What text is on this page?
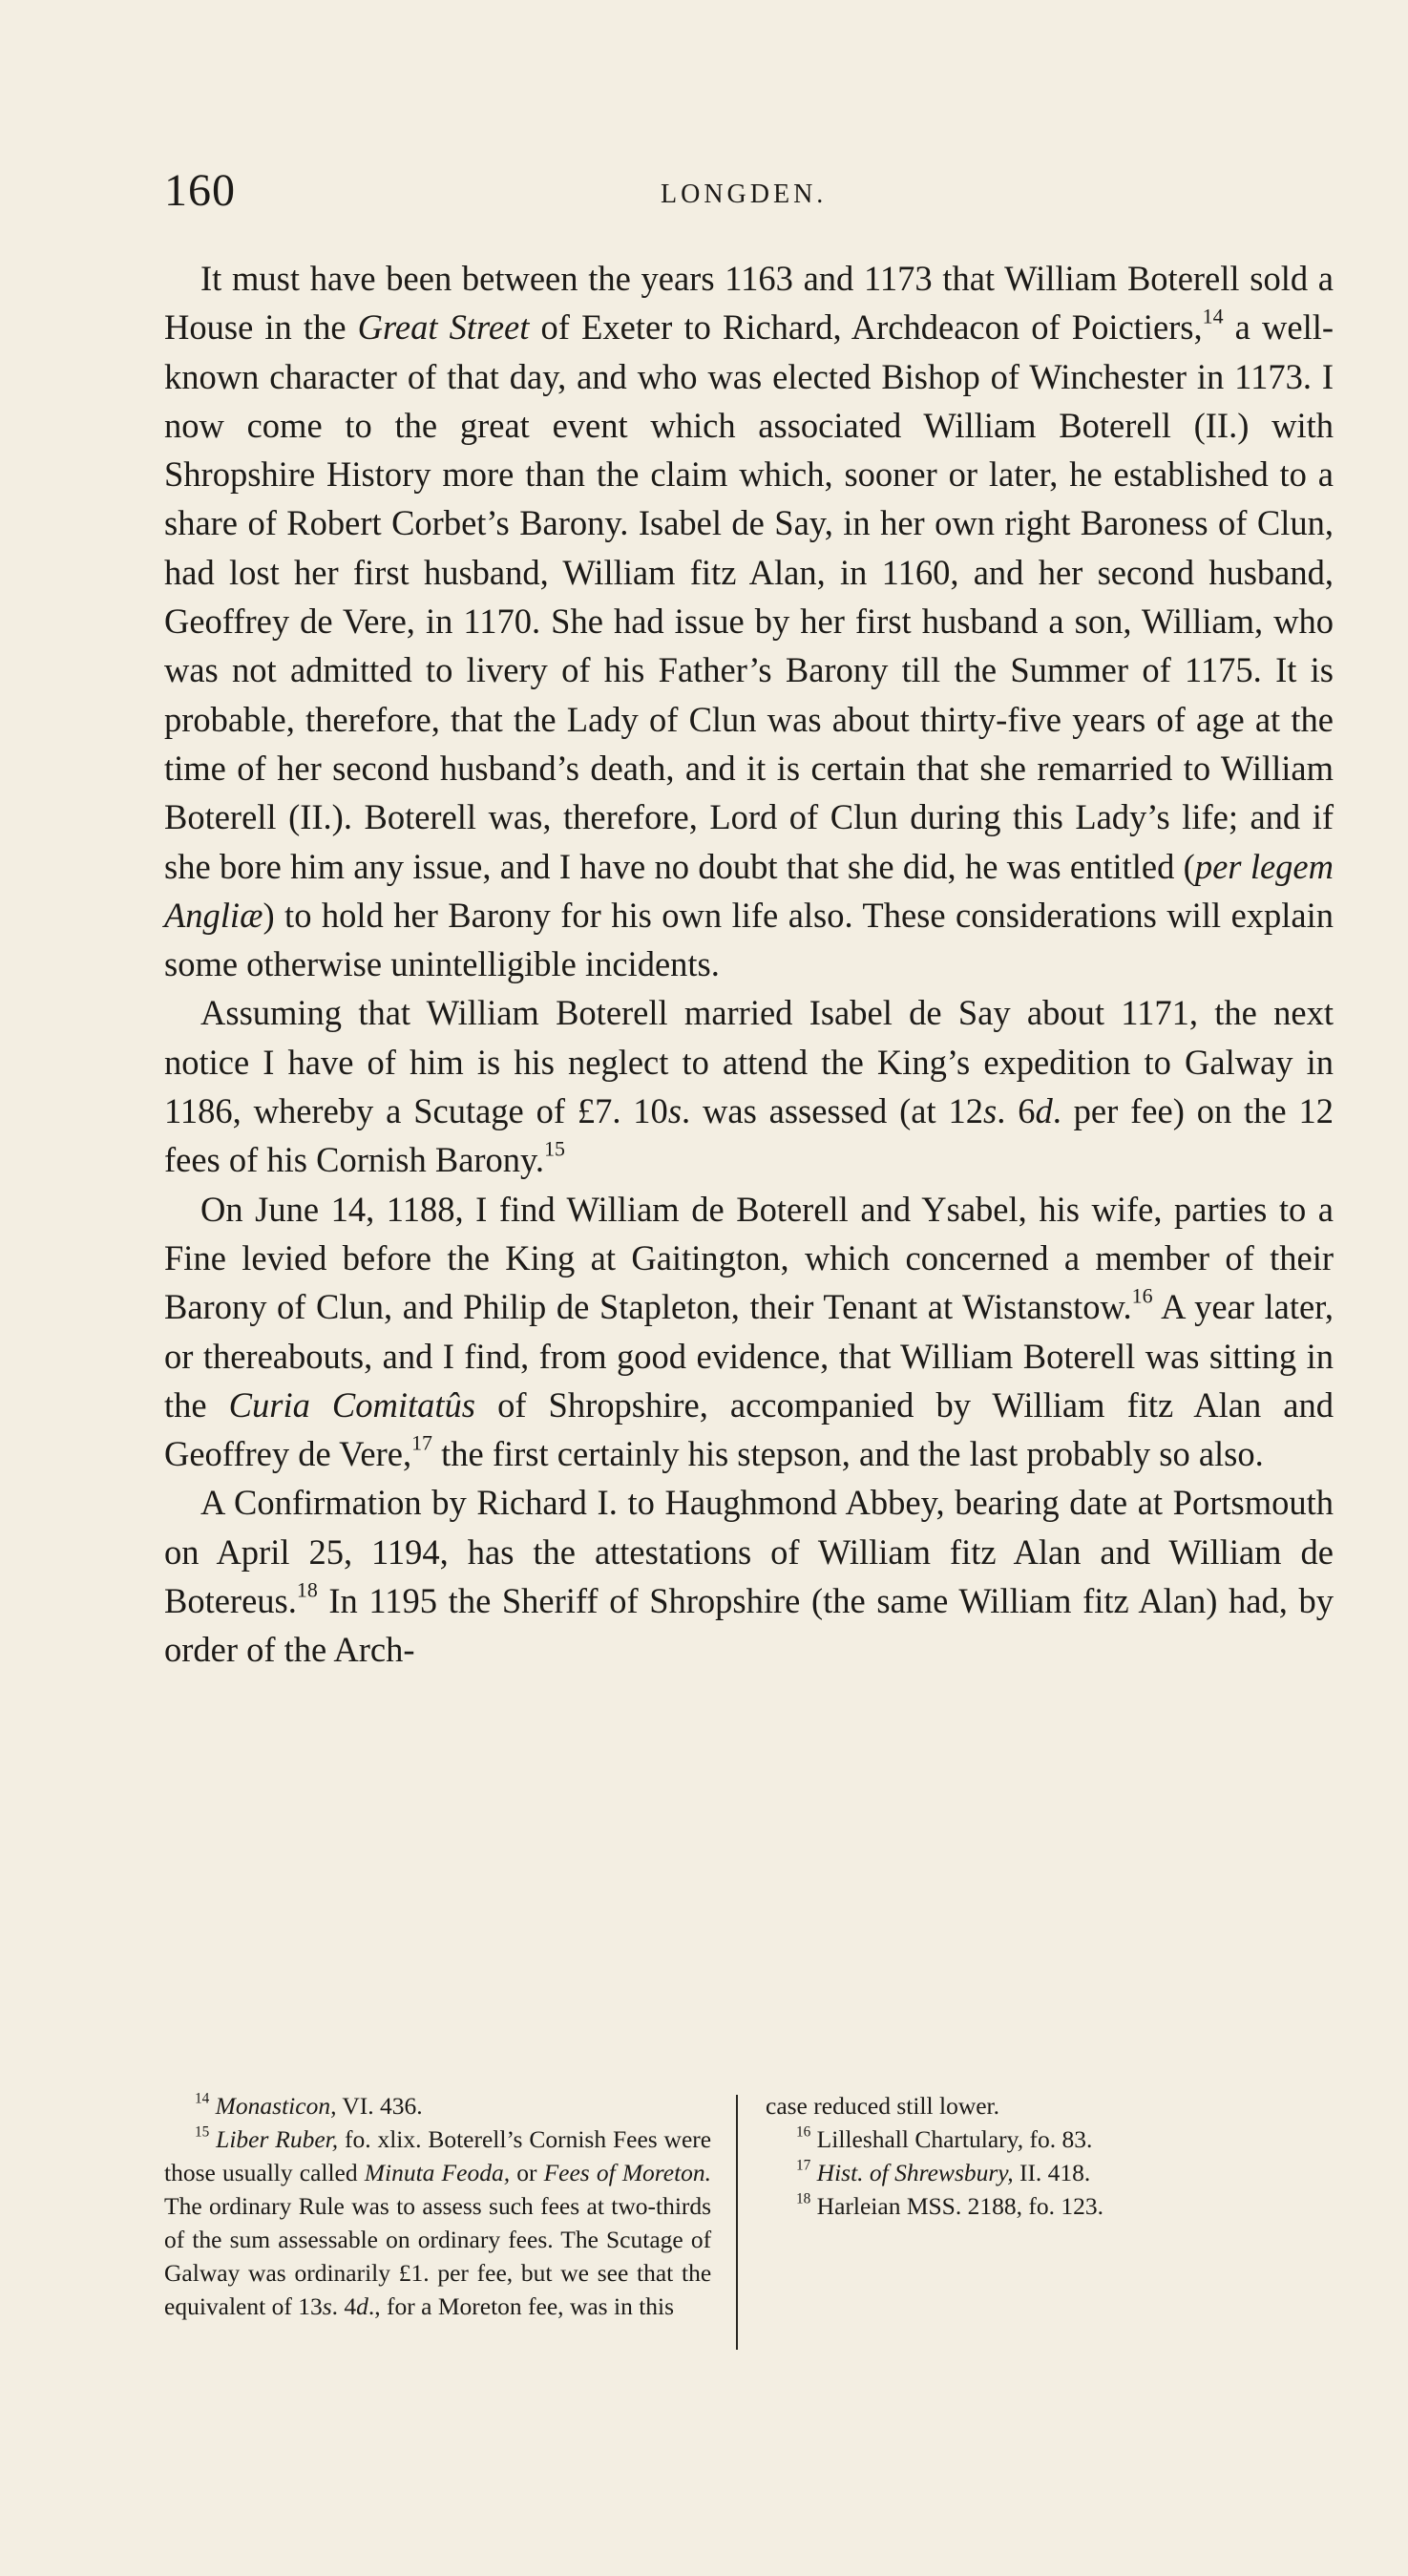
160	LONGDEN.

It must have been between the years 1163 and 1173 that William Boterell sold a House in the Great Street of Exeter to Richard, Archdeacon of Poictiers,$^{14}$ a well-known character of that day, and who was elected Bishop of Winchester in 1173. I now come to the great event which associated William Boterell (II.) with Shropshire History more than the claim which, sooner or later, he established to a share of Robert Corbet’s Barony. Isabel de Say, in her own right Baroness of Clun, had lost her first husband, William fitz Alan, in 1160, and her second husband, Geoffrey de Vere, in 1170. She had issue by her first husband a son, William, who was not admitted to livery of his Father’s Barony till the Summer of 1175. It is probable, therefore, that the Lady of Clun was about thirty-five years of age at the time of her second husband’s death, and it is certain that she remarried to William Boterell (II.). Boterell was, therefore, Lord of Clun during this Lady’s life; and if she bore him any issue, and I have no doubt that she did, he was entitled (per legem Angliæ) to hold her Barony for his own life also. These considerations will explain some otherwise unintelligible incidents.

Assuming that William Boterell married Isabel de Say about 1171, the next notice I have of him is his neglect to attend the King’s expedition to Galway in 1186, whereby a Scutage of £7. 10s. was assessed (at 12s. 6d. per fee) on the 12 fees of his Cornish Barony.$^{15}$

On June 14, 1188, I find William de Boterell and Ysabel, his wife, parties to a Fine levied before the King at Gaitington, which concerned a member of their Barony of Clun, and Philip de Stapleton, their Tenant at Wistanstow.$^{16}$ A year later, or thereabouts, and I find, from good evidence, that William Boterell was sitting in the Curia Comitatûs of Shropshire, accompanied by William fitz Alan and Geoffrey de Vere,$^{17}$ the first certainly his stepson, and the last probably so also.

A Confirmation by Richard I. to Haughmond Abbey, bearing date at Portsmouth on April 25, 1194, has the attestations of William fitz Alan and William de Botereus.$^{18}$ In 1195 the Sheriff of Shropshire (the same William fitz Alan) had, by order of the Arch-

$^{14}$ Monasticon, VI. 436.

$^{15}$ Liber Ruber, fo. xlix. Boterell’s Cornish Fees were those usually called Minuta Feoda, or Fees of Moreton. The ordinary Rule was to assess such fees at two-thirds of the sum assessable on ordinary fees. The Scutage of Galway was ordinarily £1. per fee, but we see that the equivalent of 13s. 4d., for a Moreton fee, was in this

case reduced still lower.

$^{16}$ Lilleshall Chartulary, fo. 83.

$^{17}$ Hist. of Shrewsbury, II. 418.

$^{18}$ Harleian MSS. 2188, fo. 123.
